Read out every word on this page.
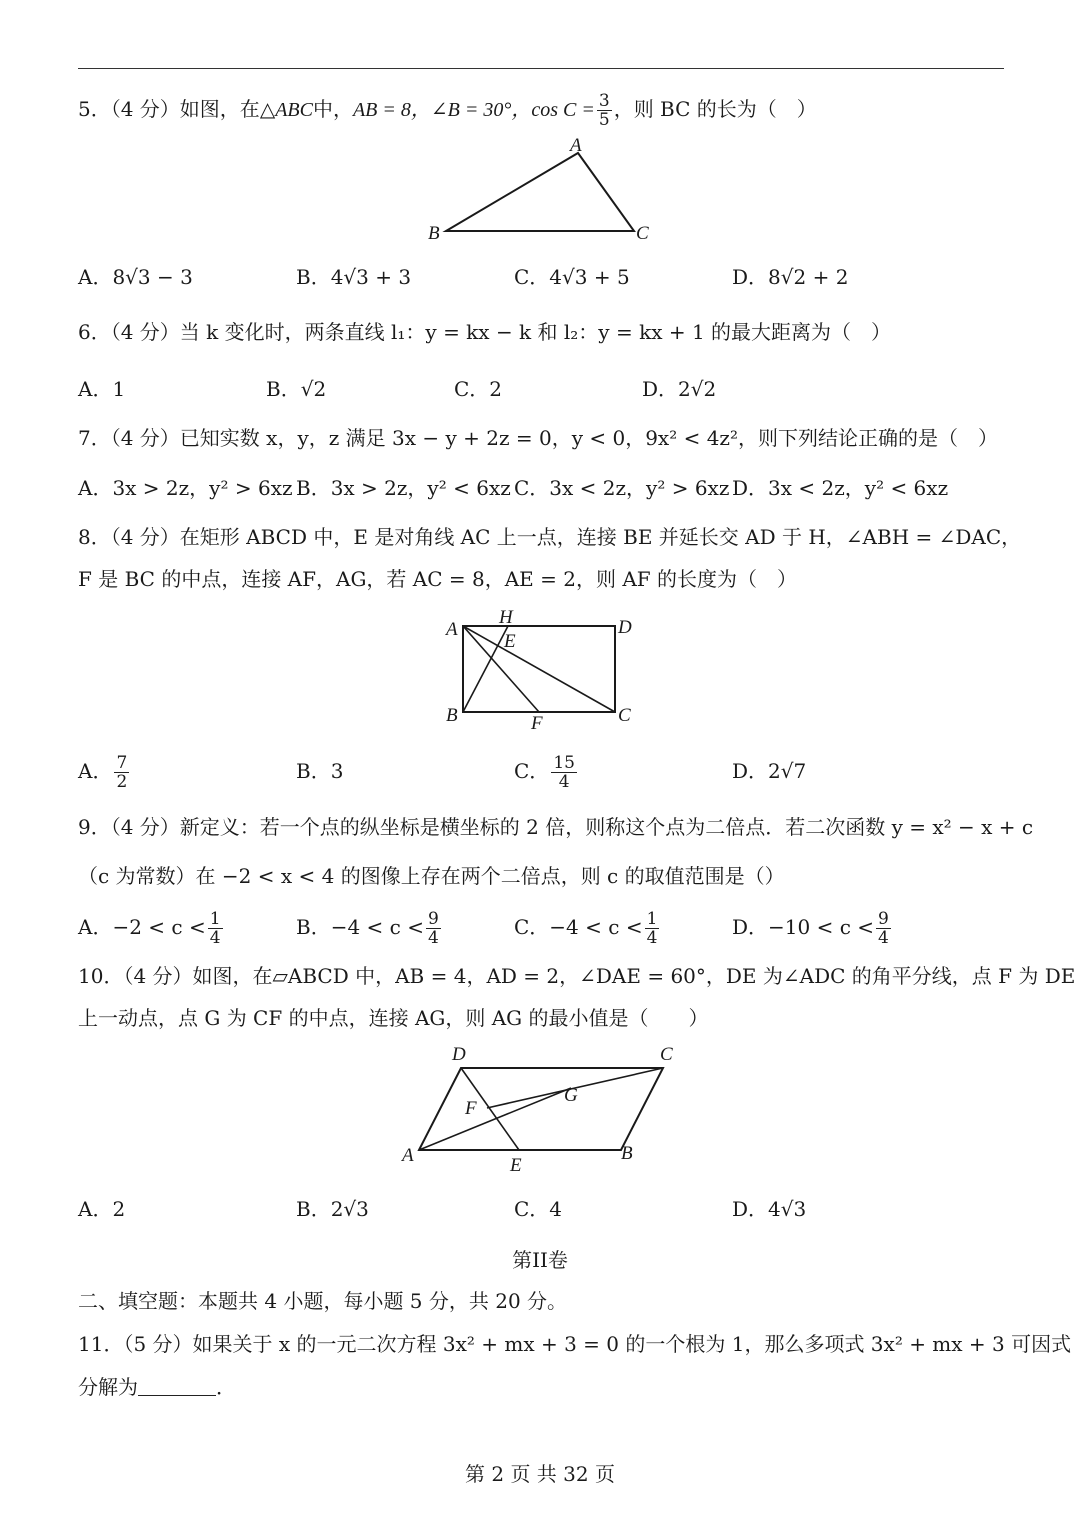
5．（4 分）如图，在△ABC中，AB = 8，∠B = 30°，$\cos C = \frac{3}{5}$ ，则 BC 的长为（　）
A
B	C
A．8√3 − 3	B．4√3 + 3	C．4√3 + 5	D．8√2 + 2
6．（4 分）当 k 变化时，两条直线 l₁：y = kx − k 和 l₂：y = kx + 1 的最大距离为（　）
A．1	B．√2	C．2	D．2√2
7．（4 分）已知实数 x，y，z 满足 3x − y + 2z = 0，y < 0，9x² < 4z²，则下列结论正确的是（　）
A．3x > 2z，y² > 6xz B．3x > 2z，y² < 6xz C．3x < 2z，y² > 6xz D．3x < 2z，y² < 6xz
8．（4 分）在矩形 ABCD 中，E 是对角线 AC 上一点，连接 BE 并延长交 AD 于 H，∠ABH = ∠DAC，
F 是 BC 的中点，连接 AF，AG，若 AC = 8，AE = 2，则 AF 的长度为（　）
A
H
E
D
B	F	C
A． $\frac{7}{2}$	B．3	C． $\frac{15}{4}$	D．2√7
9．（4 分）新定义：若一个点的纵坐标是横坐标的 2 倍，则称这个点为二倍点．若二次函数 y = x² − x + c
（c 为常数）在 −2 < x < 4 的图像上存在两个二倍点，则 c 的取值范围是（）
A．$-2 < c < \frac{1}{4}$	B．$-4 < c < \frac{9}{4}$	C．$-4 < c < \frac{1}{4}$	D．$-10 < c < \frac{9}{4}$
10．（4 分）如图，在▱ABCD 中，AB = 4，AD = 2，∠DAE = 60°，DE 为∠ADC 的角平分线，点 F 为 DE
上一动点，点 G 为 CF 的中点，连接 AG，则 AG 的最小值是（　　）
D	C
F
G
A	E
B
A．2	B．2√3	C．4	D．4√3
第II卷
二、填空题：本题共 4 小题，每小题 5 分，共 20 分。
11．（5 分）如果关于 x 的一元二次方程 3x² + mx + 3 = 0 的一个根为 1，那么多项式 3x² + mx + 3 可因式
分解为	．
第 2 页 共 32 页
